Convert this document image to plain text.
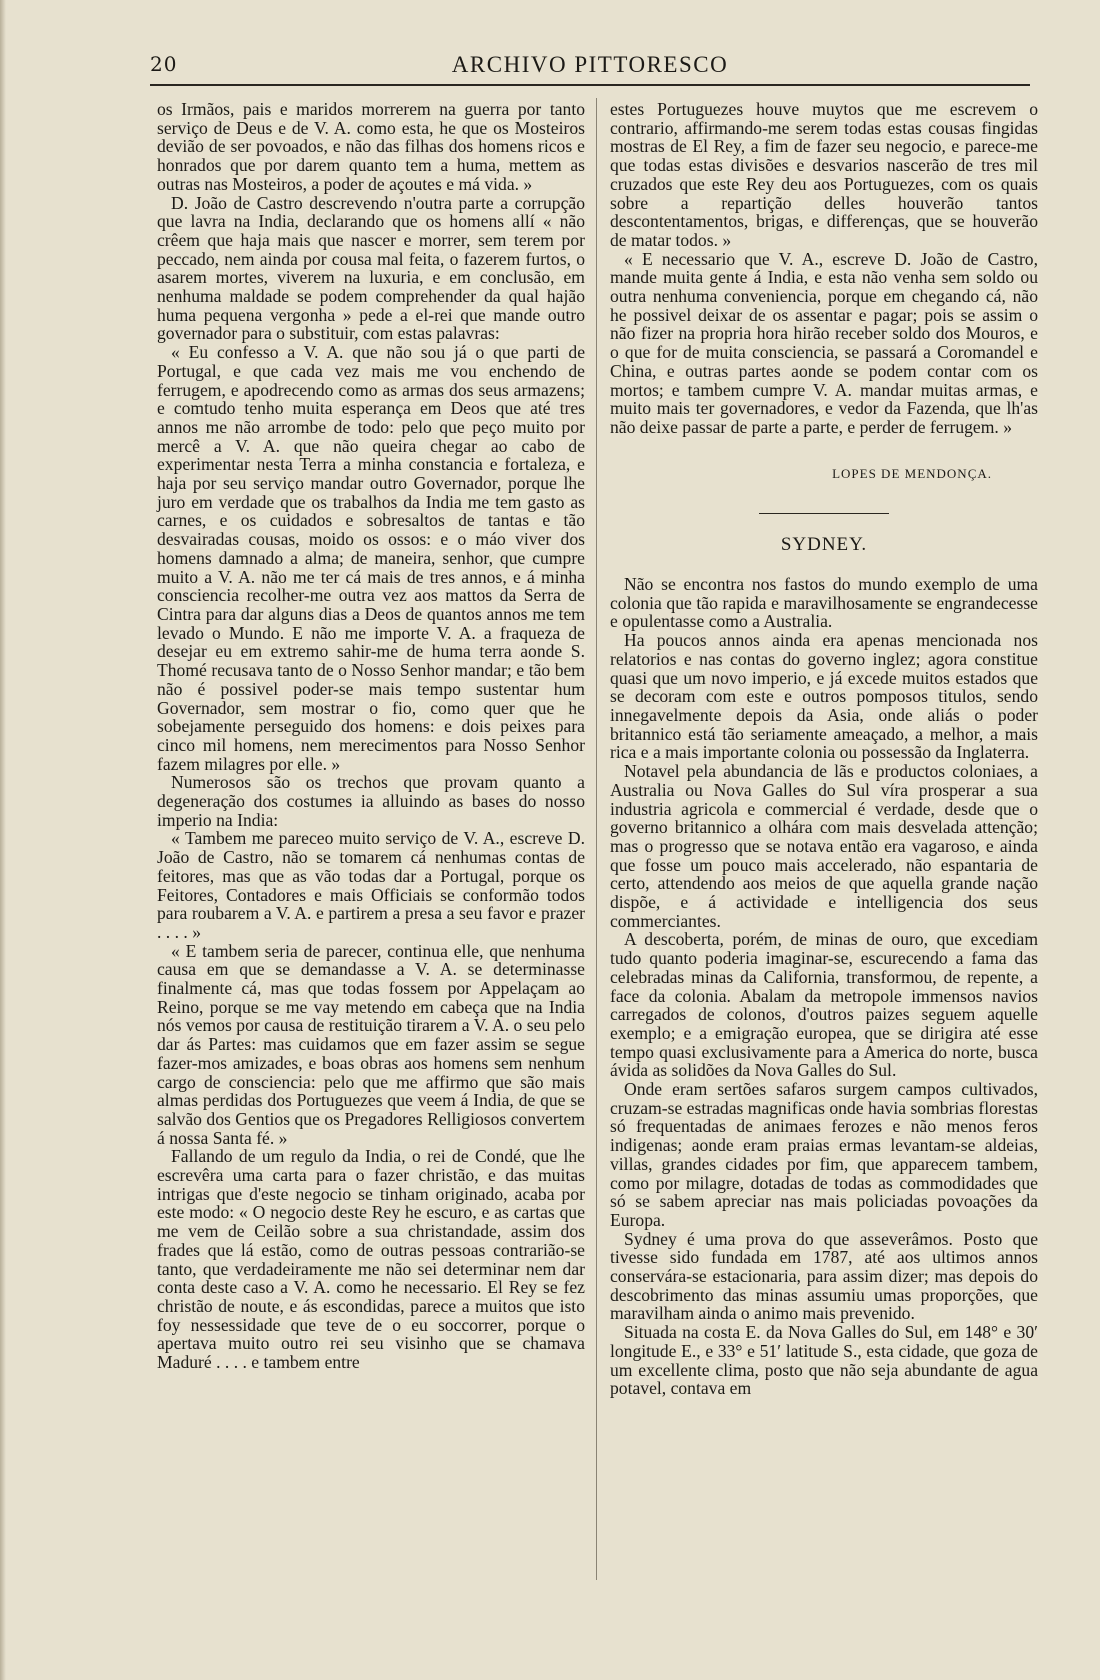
20	ARCHIVO PITTORESCO

os Irmãos, pais e maridos morrerem na guerra por tanto serviço de Deus e de V. A. como esta, he que os Mosteiros devião de ser povoados, e não das filhas dos homens ricos e honrados que por darem quanto tem a huma, mettem as outras nas Mosteiros, a poder de açoutes e má vida. »

D. João de Castro descrevendo n'outra parte a corrupção que lavra na India, declarando que os homens allí « não crêem que haja mais que nascer e morrer, sem terem por peccado, nem ainda por cousa mal feita, o fazerem furtos, o asarem mortes, viverem na luxuria, e em conclusão, em nenhuma maldade se podem comprehender da qual hajão huma pequena vergonha » pede a el-rei que mande outro governador para o substituir, com estas palavras:

« Eu confesso a V. A. que não sou já o que parti de Portugal, e que cada vez mais me vou enchendo de ferrugem, e apodrecendo como as armas dos seus armazens; e comtudo tenho muita esperança em Deos que até tres annos me não arrombe de todo: pelo que peço muito por mercê a V. A. que não queira chegar ao cabo de experimentar nesta Terra a minha constancia e fortaleza, e haja por seu serviço mandar outro Governador, porque lhe juro em verdade que os trabalhos da India me tem gasto as carnes, e os cuidados e sobresaltos de tantas e tão desvairadas cousas, moido os ossos: e o máo viver dos homens damnado a alma; de maneira, senhor, que cumpre muito a V. A. não me ter cá mais de tres annos, e á minha consciencia recolher-me outra vez aos mattos da Serra de Cintra para dar alguns dias a Deos de quantos annos me tem levado o Mundo. E não me importe V. A. a fraqueza de desejar eu em extremo sahir-me de huma terra aonde S. Thomé recusava tanto de o Nosso Senhor mandar; e tão bem não é possivel poder-se mais tempo sustentar hum Governador, sem mostrar o fio, como quer que he sobejamente perseguido dos homens: e dois peixes para cinco mil homens, nem merecimentos para Nosso Senhor fazem milagres por elle. »

Numerosos são os trechos que provam quanto a degeneração dos costumes ia alluindo as bases do nosso imperio na India:

« Tambem me pareceo muito serviço de V. A., escreve D. João de Castro, não se tomarem cá nenhumas contas de feitores, mas que as vão todas dar a Portugal, porque os Feitores, Contadores e mais Officiais se conformão todos para roubarem a V. A. e partirem a presa a seu favor e prazer . . . . »

« E tambem seria de parecer, continua elle, que nenhuma causa em que se demandasse a V. A. se determinasse finalmente cá, mas que todas fossem por Appelaçam ao Reino, porque se me vay metendo em cabeça que na India nós vemos por causa de restituição tirarem a V. A. o seu pelo dar ás Partes: mas cuidamos que em fazer assim se segue fazer-mos amizades, e boas obras aos homens sem nenhum cargo de consciencia: pelo que me affirmo que são mais almas perdidas dos Portuguezes que veem á India, de que se salvão dos Gentios que os Pregadores Relligiosos convertem á nossa Santa fé. »

Fallando de um regulo da India, o rei de Condé, que lhe escrevêra uma carta para o fazer christão, e das muitas intrigas que d'este negocio se tinham originado, acaba por este modo: « O negocio deste Rey he escuro, e as cartas que me vem de Ceilão sobre a sua christandade, assim dos frades que lá estão, como de outras pessoas contrarião-se tanto, que verdadeiramente me não sei determinar nem dar conta deste caso a V. A. como he necessario. El Rey se fez christão de noute, e ás escondidas, parece a muitos que isto foy nessessidade que teve de o eu soccorrer, porque o apertava muito outro rei seu visinho que se chamava Maduré . . . . e tambem entre

estes Portuguezes houve muytos que me escrevem o contrario, affirmando-me serem todas estas cousas fingidas mostras de El Rey, a fim de fazer seu negocio, e parece-me que todas estas divisões e desvarios nascerão de tres mil cruzados que este Rey deu aos Portuguezes, com os quais sobre a repartição delles houverão tantos descontentamentos, brigas, e differenças, que se houverão de matar todos. »

« E necessario que V. A., escreve D. João de Castro, mande muita gente á India, e esta não venha sem soldo ou outra nenhuma conveniencia, porque em chegando cá, não he possivel deixar de os assentar e pagar; pois se assim o não fizer na propria hora hirão receber soldo dos Mouros, e o que for de muita consciencia, se passará a Coromandel e China, e outras partes aonde se podem contar com os mortos; e tambem cumpre V. A. mandar muitas armas, e muito mais ter governadores, e vedor da Fazenda, que lh'as não deixe passar de parte a parte, e perder de ferrugem. »

LOPES DE MENDONÇA.

SYDNEY.

Não se encontra nos fastos do mundo exemplo de uma colonia que tão rapida e maravilhosamente se engrandecesse e opulentasse como a Australia.

Ha poucos annos ainda era apenas mencionada nos relatorios e nas contas do governo inglez; agora constitue quasi que um novo imperio, e já excede muitos estados que se decoram com este e outros pomposos titulos, sendo innegavelmente depois da Asia, onde aliás o poder britannico está tão seriamente ameaçado, a melhor, a mais rica e a mais importante colonia ou possessão da Inglaterra.

Notavel pela abundancia de lãs e productos coloniaes, a Australia ou Nova Galles do Sul víra prosperar a sua industria agricola e commercial é verdade, desde que o governo britannico a olhára com mais desvelada attenção; mas o progresso que se notava então era vagaroso, e ainda que fosse um pouco mais accelerado, não espantaria de certo, attendendo aos meios de que aquella grande nação dispõe, e á actividade e intelligencia dos seus commerciantes.

A descoberta, porém, de minas de ouro, que excediam tudo quanto poderia imaginar-se, escurecendo a fama das celebradas minas da California, transformou, de repente, a face da colonia. Abalam da metropole immensos navios carregados de colonos, d'outros paizes seguem aquelle exemplo; e a emigração europea, que se dirigira até esse tempo quasi exclusivamente para a America do norte, busca ávida as solidões da Nova Galles do Sul.

Onde eram sertões safaros surgem campos cultivados, cruzam-se estradas magnificas onde havia sombrias florestas só frequentadas de animaes ferozes e não menos feros indigenas; aonde eram praias ermas levantam-se aldeias, villas, grandes cidades por fim, que apparecem tambem, como por milagre, dotadas de todas as commodidades que só se sabem apreciar nas mais policiadas povoações da Europa.

Sydney é uma prova do que asseverâmos. Posto que tivesse sido fundada em 1787, até aos ultimos annos conservára-se estacionaria, para assim dizer; mas depois do descobrimento das minas assumiu umas proporções, que maravilham ainda o animo mais prevenido.

Situada na costa E. da Nova Galles do Sul, em 148° e 30′ longitude E., e 33° e 51′ latitude S., esta cidade, que goza de um excellente clima, posto que não seja abundante de agua potavel, contava em
